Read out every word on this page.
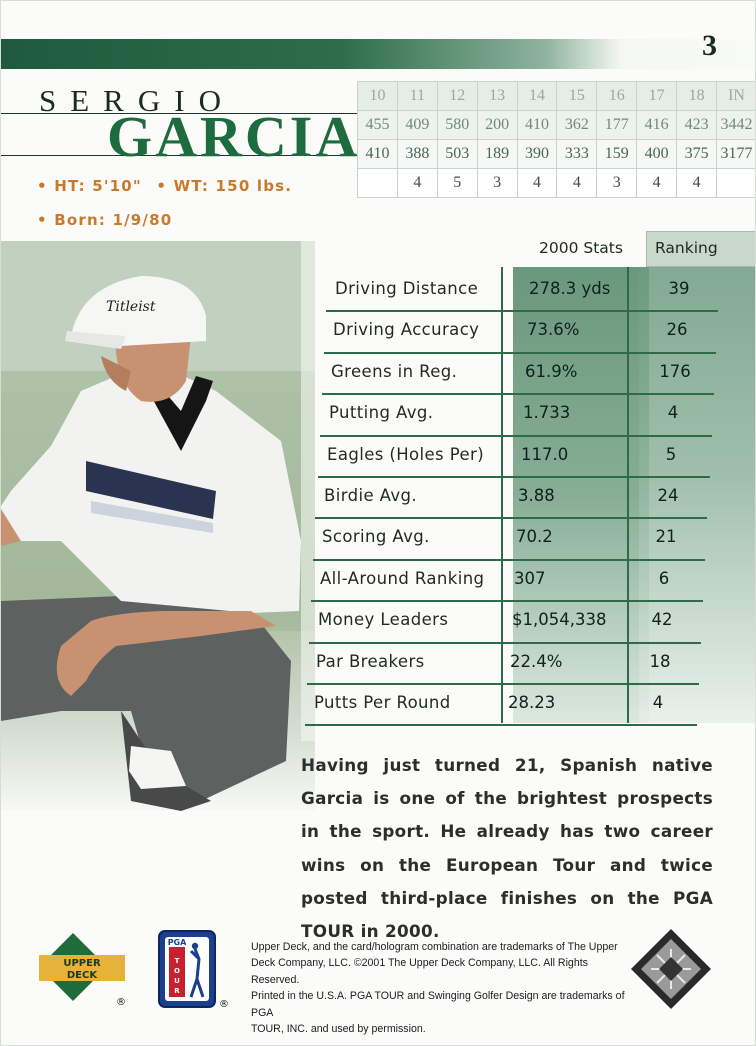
3
10	11	12	13	14	15	16	17	18	IN
455	409	580	200	410	362	177	416	423	3442
410	388	503	189	390	333	159	400	375	3177
	4	5	3	4	4	3	4	4	
SERGIO
GARCIA
• HT: 5'10" • WT: 150 lbs.
• Born: 1/9/80
Titleist
2000 Stats	Ranking
Driving Distance	278.3 yds	39
Driving Accuracy	73.6%	26
Greens in Reg.	61.9%	176
Putting Avg.	1.733	4
Eagles (Holes Per) 117.0	5
Birdie Avg.	3.88	24
Scoring Avg.	70.2	21
All-Around Ranking 307	6
Money Leaders	$1,054,338	42
Par Breakers	22.4%	18
Putts Per Round	28.23	4
Having just turned 21, Spanish native Garcia is one of the brightest prospects in the sport. He already has two career wins on the European Tour and twice posted third-place finishes on the PGA TOUR in 2000.
UPPER
DECK
®
PGA
T
O
U
R
®
Upper Deck, and the card/hologram combination are trademarks of The Upper
Deck Company, LLC. ©2001 The Upper Deck Company, LLC. All Rights Reserved.
Printed in the U.S.A. PGA TOUR and Swinging Golfer Design are trademarks of PGA
TOUR, INC. and used by permission.
